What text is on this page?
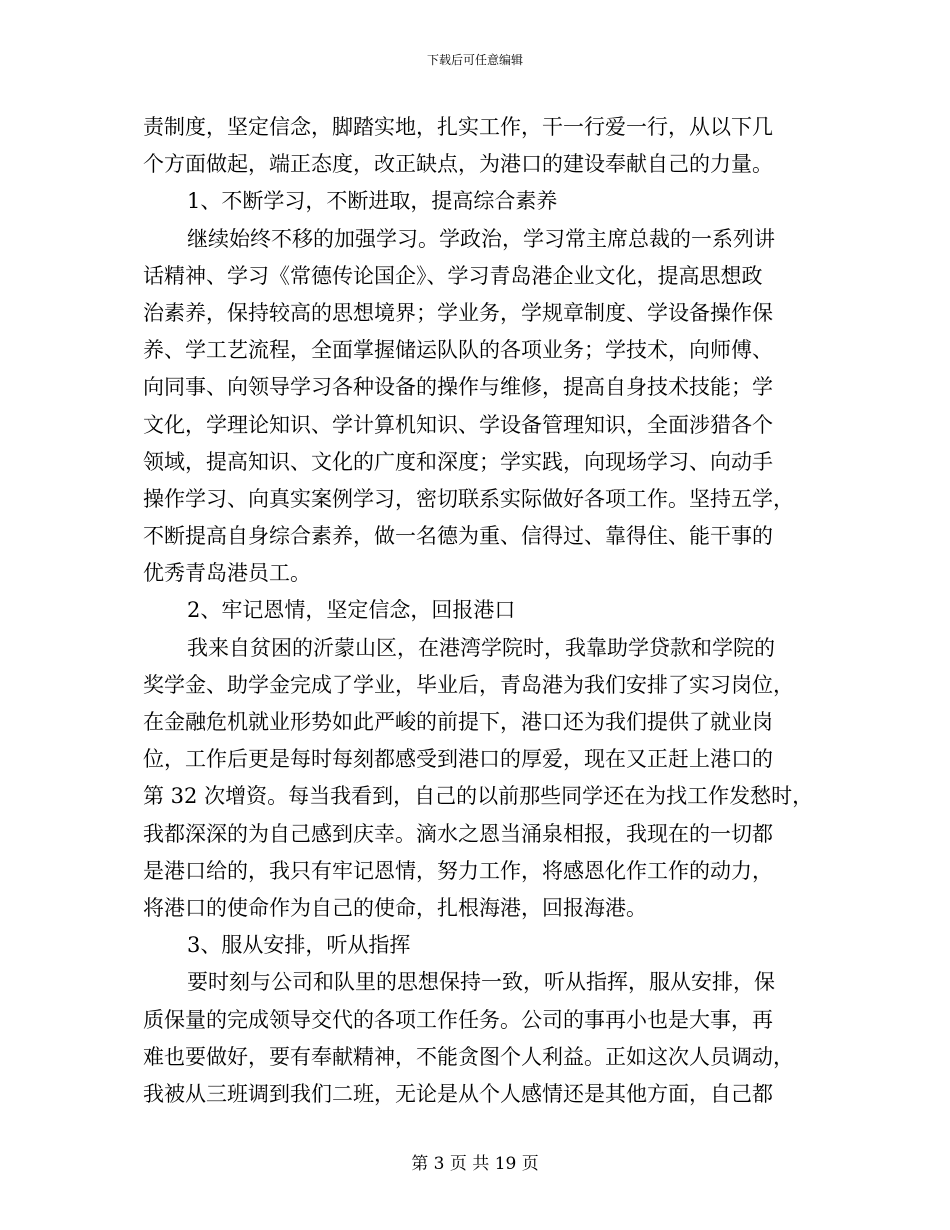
下载后可任意编辑
责制度，坚定信念，脚踏实地，扎实工作，干一行爱一行，从以下几
个方面做起，端正态度，改正缺点，为港口的建设奉献自己的力量。
1、不断学习，不断进取，提高综合素养
继续始终不移的加强学习。学政治，学习常主席总裁的一系列讲
话精神、学习《常德传论国企》、学习青岛港企业文化，提高思想政
治素养，保持较高的思想境界；学业务，学规章制度、学设备操作保
养、学工艺流程，全面掌握储运队队的各项业务；学技术，向师傅、
向同事、向领导学习各种设备的操作与维修，提高自身技术技能；学
文化，学理论知识、学计算机知识、学设备管理知识，全面涉猎各个
领域，提高知识、文化的广度和深度；学实践，向现场学习、向动手
操作学习、向真实案例学习，密切联系实际做好各项工作。坚持五学，
不断提高自身综合素养，做一名德为重、信得过、靠得住、能干事的
优秀青岛港员工。
2、牢记恩情，坚定信念，回报港口
我来自贫困的沂蒙山区，在港湾学院时，我靠助学贷款和学院的
奖学金、助学金完成了学业，毕业后，青岛港为我们安排了实习岗位，
在金融危机就业形势如此严峻的前提下，港口还为我们提供了就业岗
位，工作后更是每时每刻都感受到港口的厚爱，现在又正赶上港口的
第 32 次增资。每当我看到，自己的以前那些同学还在为找工作发愁时，
我都深深的为自己感到庆幸。滴水之恩当涌泉相报，我现在的一切都
是港口给的，我只有牢记恩情，努力工作，将感恩化作工作的动力，
将港口的使命作为自己的使命，扎根海港，回报海港。
3、服从安排，听从指挥
要时刻与公司和队里的思想保持一致，听从指挥，服从安排，保
质保量的完成领导交代的各项工作任务。公司的事再小也是大事，再
难也要做好，要有奉献精神，不能贪图个人利益。正如这次人员调动，
我被从三班调到我们二班，无论是从个人感情还是其他方面，自己都
第 3 页 共 19 页
